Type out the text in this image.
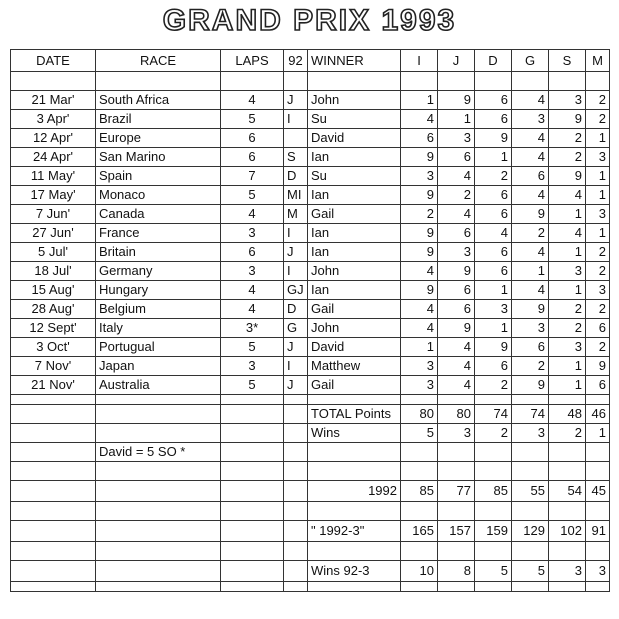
GRAND PRIX 1993
DATE	RACE	LAPS	92	WINNER	I	J	D	G	S	M

21 Mar'	South Africa	4	J	John	1	9	6	4	3	2
3 Apr'	Brazil	5	I	Su	4	1	6	3	9	2
12 Apr'	Europe	6		David	6	3	9	4	2	1
24 Apr'	San Marino	6	S	Ian	9	6	1	4	2	3
11 May'	Spain	7	D	Su	3	4	2	6	9	1
17 May'	Monaco	5	MI	Ian	9	2	6	4	4	1
7 Jun'	Canada	4	M	Gail	2	4	6	9	1	3
27 Jun'	France	3	I	Ian	9	6	4	2	4	1
5 Jul'	Britain	6	J	Ian	9	3	6	4	1	2
18 Jul'	Germany	3	I	John	4	9	6	1	3	2
15 Aug'	Hungary	4	GJ	Ian	9	6	1	4	1	3
28 Aug'	Belgium	4	D	Gail	4	6	3	9	2	2
12 Sept'	Italy	3*	G	John	4	9	1	3	2	6
3 Oct'	Portugual	5	J	David	1	4	9	6	3	2
7 Nov'	Japan	3	I	Matthew	3	4	6	2	1	9
21 Nov'	Australia	5	J	Gail	3	4	2	9	1	6

				TOTAL Points	80	80	74	74	48	46
				Wins	5	3	2	3	2	1
	David = 5 SO *									

				1992	85	77	85	55	54	45

				" 1992-3"	165	157	159	129	102	91

				Wins 92-3	10	8	5	5	3	3
